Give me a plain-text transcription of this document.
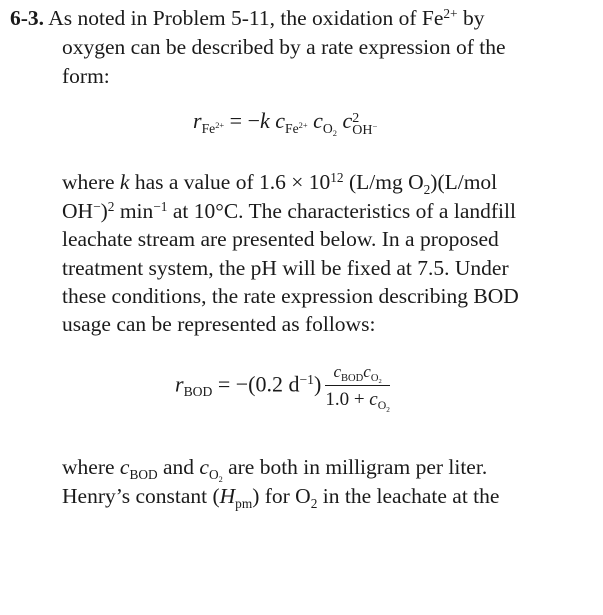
6-3. As noted in Problem 5-11, the oxidation of $Fe^{2+}$ by
oxygen can be described by a rate expression of the
form:
$r_{Fe^{2+}} = -k$ $c_{Fe^{2+}}$ $c_{O_2}$ c 2
OH−
where k has a value of $1.6 \times 10^{12}$ (L/mg $O_2)(L$/mol
OH−)$^2$ $\min^{-1}$ at 10°C. The characteristics of a landfill
leachate stream are presented below. In a proposed
treatment system, the pH will be fixed at 7.5. Under
these conditions, the rate expression describing BOD
usage can be represented as follows:
$r_{BOD} = -(0.2$ $d^{-1}) \frac{c_{BOD}c_{O_2}}{1.0 + c_{O_2}}$
where $c_{BOD}$ and $c_{O_2}$ are both in milligram per liter.
Henry’s constant $(H_{pm})$ for $O_2$ in the leachate at the
